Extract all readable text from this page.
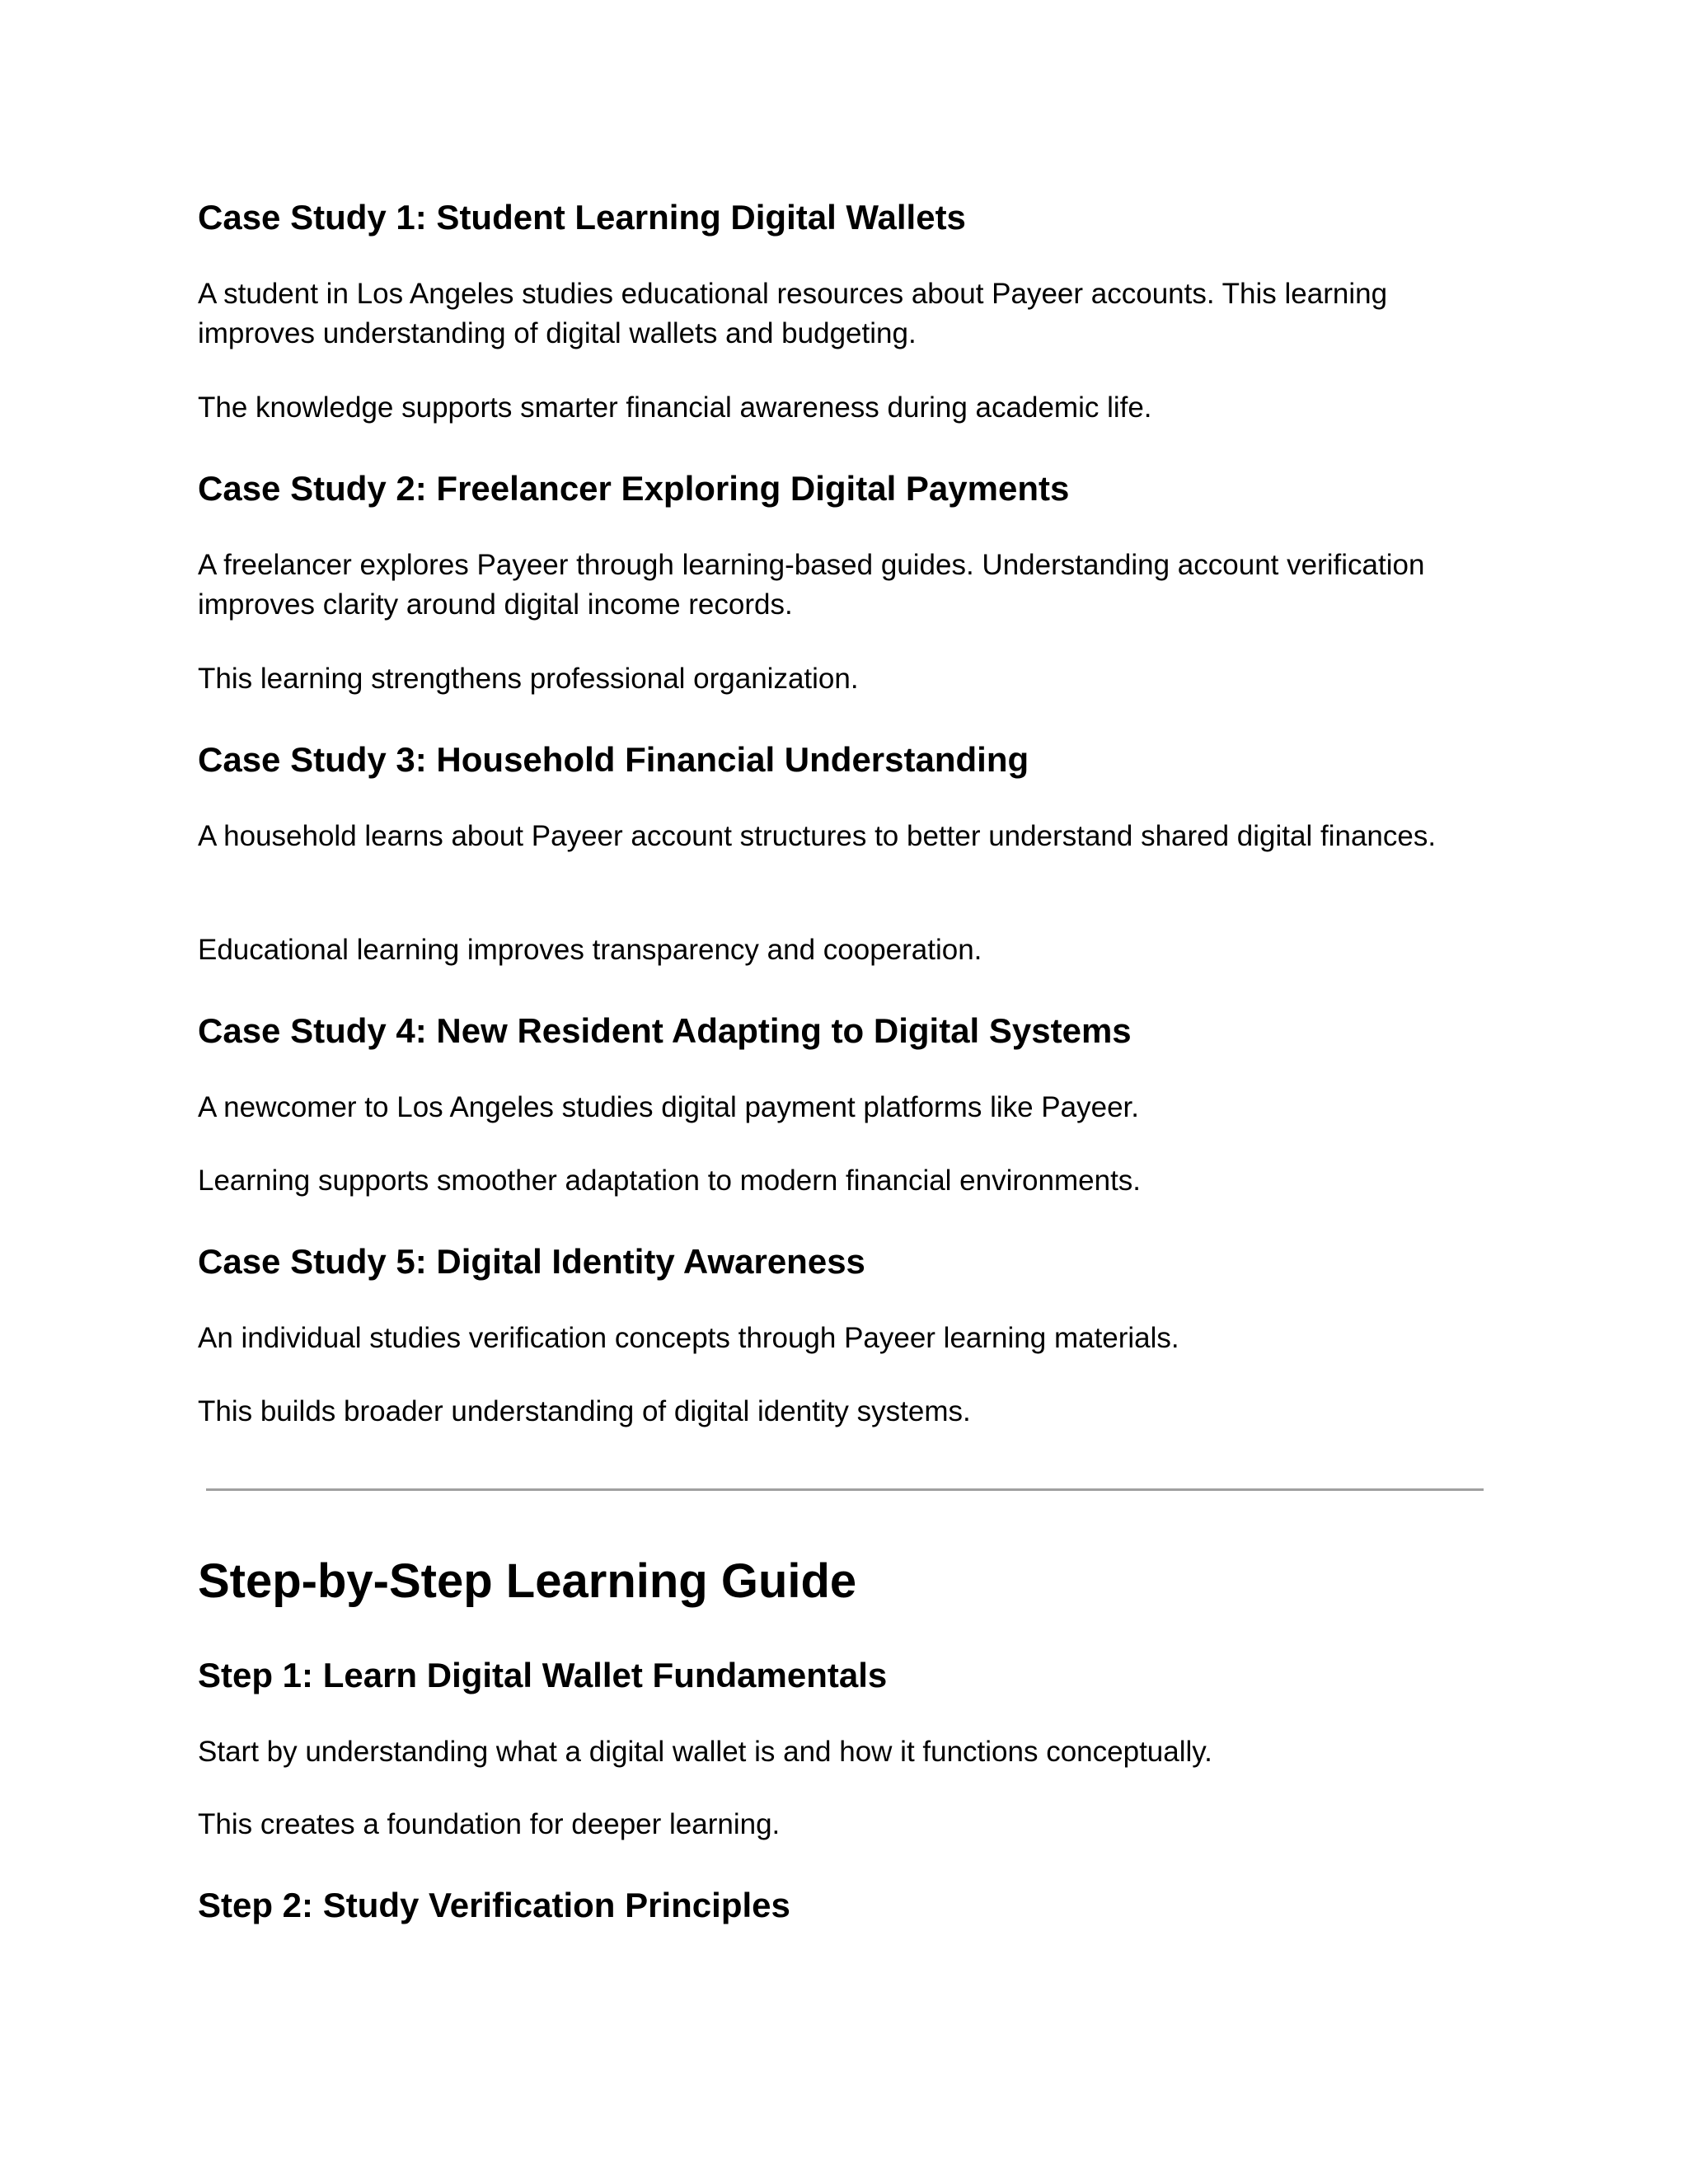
Case Study 1: Student Learning Digital Wallets

A student in Los Angeles studies educational resources about Payeer accounts. This learning improves understanding of digital wallets and budgeting.

The knowledge supports smarter financial awareness during academic life.

Case Study 2: Freelancer Exploring Digital Payments

A freelancer explores Payeer through learning-based guides. Understanding account verification improves clarity around digital income records.

This learning strengthens professional organization.

Case Study 3: Household Financial Understanding

A household learns about Payeer account structures to better understand shared digital finances.

Educational learning improves transparency and cooperation.

Case Study 4: New Resident Adapting to Digital Systems

A newcomer to Los Angeles studies digital payment platforms like Payeer.

Learning supports smoother adaptation to modern financial environments.

Case Study 5: Digital Identity Awareness

An individual studies verification concepts through Payeer learning materials.

This builds broader understanding of digital identity systems.

Step-by-Step Learning Guide
Step 1: Learn Digital Wallet Fundamentals

Start by understanding what a digital wallet is and how it functions conceptually.

This creates a foundation for deeper learning.

Step 2: Study Verification Principles
